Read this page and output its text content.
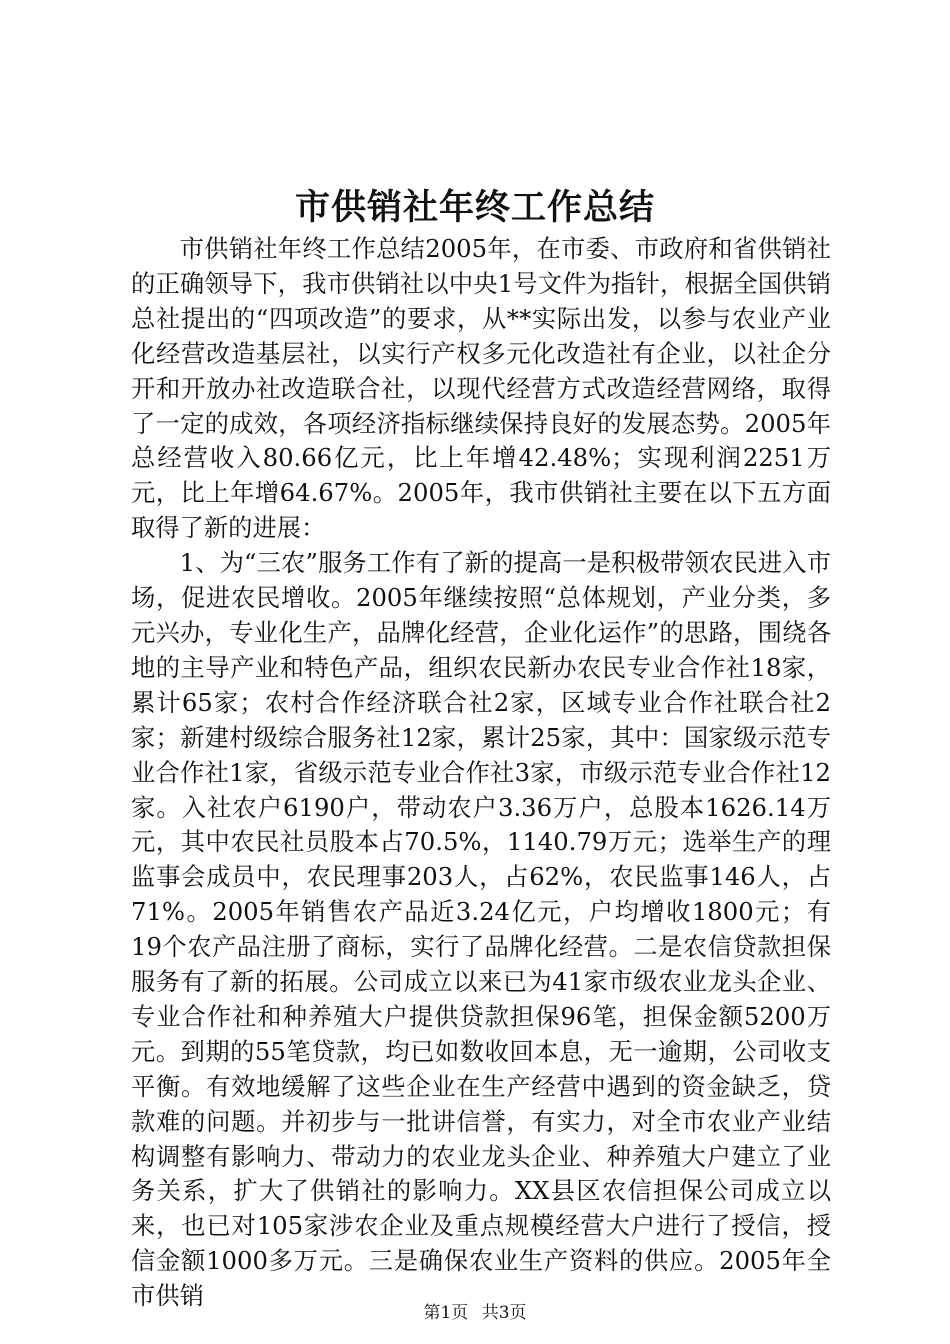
市供销社年终工作总结

市供销社年终工作总结2005年，在市委、市政府和省供销社的正确领导下，我市供销社以中央1号文件为指针，根据全国供销总社提出的“四项改造”的要求，从**实际出发，以参与农业产业化经营改造基层社，以实行产权多元化改造社有企业，以社企分开和开放办社改造联合社，以现代经营方式改造经营网络，取得了一定的成效，各项经济指标继续保持良好的发展态势。2005年总经营收入80.66亿元，比上年增42.48%；实现利润2251万元，比上年增64.67%。2005年，我市供销社主要在以下五方面取得了新的进展：

1、为“三农”服务工作有了新的提高一是积极带领农民进入市场，促进农民增收。2005年继续按照“总体规划，产业分类，多元兴办，专业化生产，品牌化经营，企业化运作”的思路，围绕各地的主导产业和特色产品，组织农民新办农民专业合作社18家，累计65家；农村合作经济联合社2家，区域专业合作社联合社2家；新建村级综合服务社12家，累计25家，其中：国家级示范专业合作社1家，省级示范专业合作社3家，市级示范专业合作社12家。入社农户6190户，带动农户3.36万户，总股本1626.14万元，其中农民社员股本占70.5%，1140.79万元；选举生产的理监事会成员中，农民理事203人，占62%，农民监事146人，占71%。2005年销售农产品近3.24亿元，户均增收1800元；有19个农产品注册了商标，实行了品牌化经营。二是农信贷款担保服务有了新的拓展。公司成立以来已为41家市级农业龙头企业、专业合作社和种养殖大户提供贷款担保96笔，担保金额5200万元。到期的55笔贷款，均已如数收回本息，无一逾期，公司收支平衡。有效地缓解了这些企业在生产经营中遇到的资金缺乏，贷款难的问题。并初步与一批讲信誉，有实力，对全市农业产业结构调整有影响力、带动力的农业龙头企业、种养殖大户建立了业务关系，扩大了供销社的影响力。XX县区农信担保公司成立以来，也已对105家涉农企业及重点规模经营大户进行了授信，授信金额1000多万元。三是确保农业生产资料的供应。2005年全市供销

第1页 共3页
